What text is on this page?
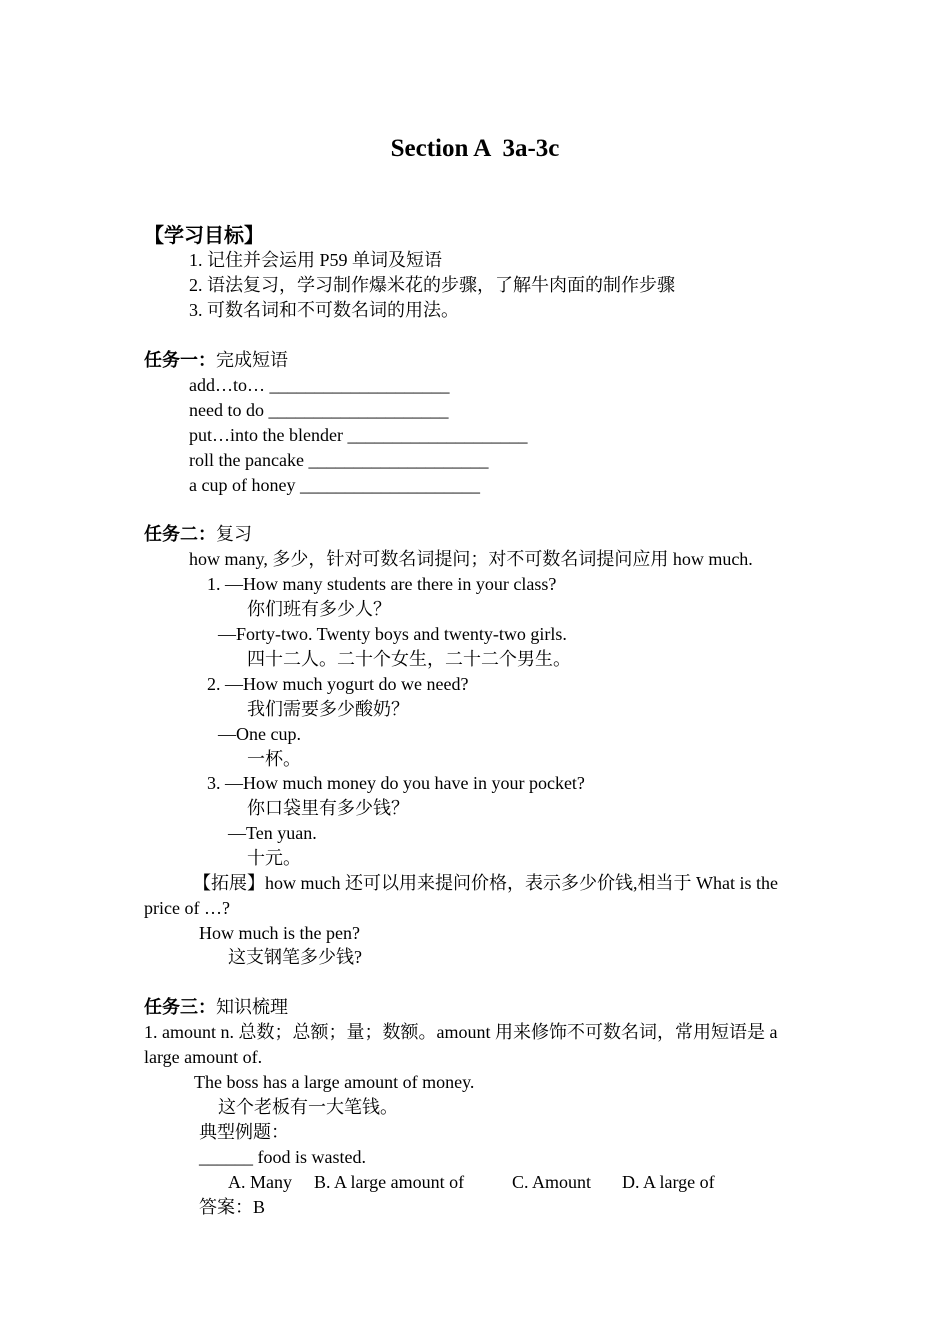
Section A  3a-3c
【学习目标】
1. 记住并会运用 P59 单词及短语
2. 语法复习，学习制作爆米花的步骤，了解牛肉面的制作步骤
3. 可数名词和不可数名词的用法。
任务一：完成短语
add…to… ____________________
need to do ____________________
put…into the blender ____________________
roll the pancake ____________________
a cup of honey ____________________
任务二：复习
how many, 多少，针对可数名词提问；对不可数名词提问应用 how much.
1. —How many students are there in your class?
你们班有多少人？
—Forty-two. Twenty boys and twenty-two girls.
四十二人。二十个女生，二十二个男生。
2. —How much yogurt do we need?
我们需要多少酸奶？
—One cup.
一杯。
3. —How much money do you have in your pocket?
你口袋里有多少钱？
—Ten yuan.
十元。
【拓展】how much 还可以用来提问价格，表示多少价钱,相当于 What is the
price of …?
How much is the pen?
这支钢笔多少钱?
任务三：知识梳理
1. amount n. 总数；总额；量；数额。amount 用来修饰不可数名词，常用短语是 a
large amount of.
The boss has a large amount of money.
这个老板有一大笔钱。
典型例题：
______ food is wasted.
A. Many B. A large amount of	C. Amount D. A large of
答案：B
